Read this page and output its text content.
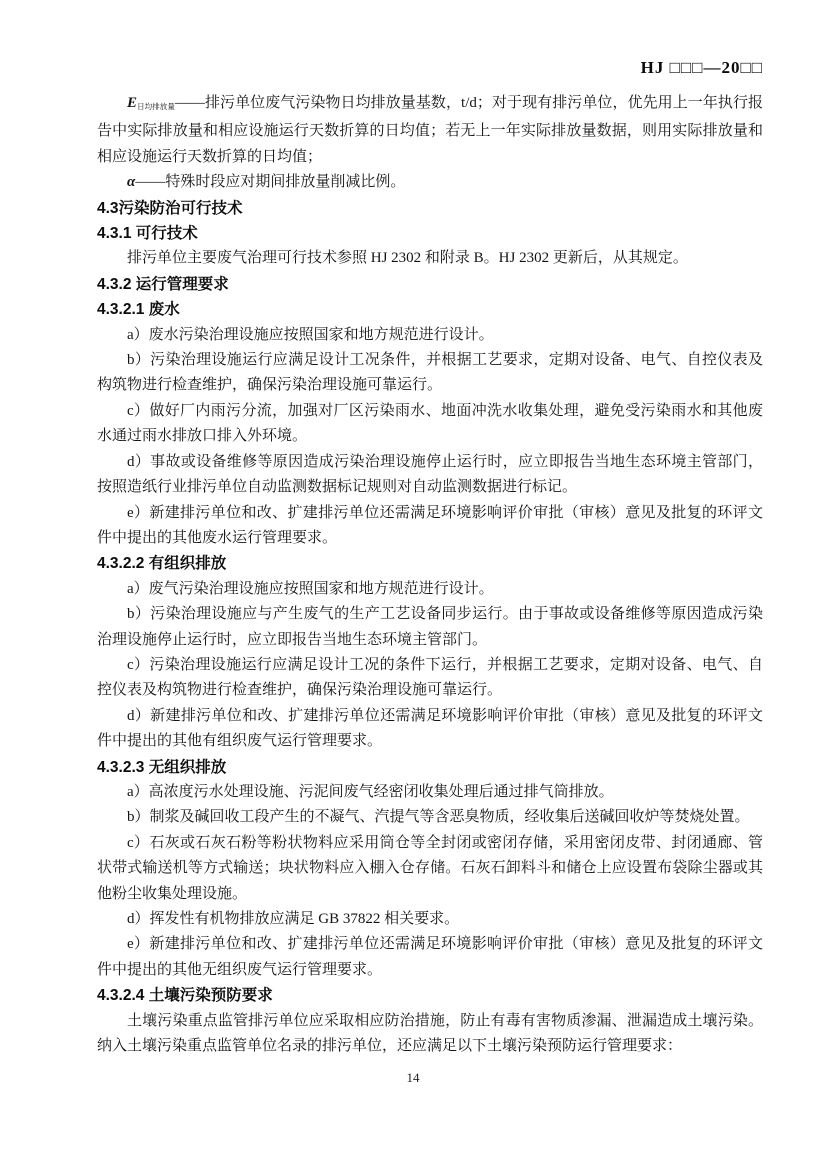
HJ □□□—20□□

$E_{日均排放量}——$排污单位废气污染物日均排放量基数，t/d；对于现有排污单位，优先用上一年执行报告中实际排放量和相应设施运行天数折算的日均值；若无上一年实际排放量数据，则用实际排放量和相应设施运行天数折算的日均值；

α——特殊时段应对期间排放量削减比例。

4.3污染防治可行技术
4.3.1 可行技术

排污单位主要废气治理可行技术参照 HJ 2302 和附录 B。HJ 2302 更新后，从其规定。

4.3.2 运行管理要求
4.3.2.1 废水

a）废水污染治理设施应按照国家和地方规范进行设计。

b）污染治理设施运行应满足设计工况条件，并根据工艺要求，定期对设备、电气、自控仪表及构筑物进行检查维护，确保污染治理设施可靠运行。

c）做好厂内雨污分流，加强对厂区污染雨水、地面冲洗水收集处理，避免受污染雨水和其他废水通过雨水排放口排入外环境。

d）事故或设备维修等原因造成污染治理设施停止运行时，应立即报告当地生态环境主管部门，按照造纸行业排污单位自动监测数据标记规则对自动监测数据进行标记。

e）新建排污单位和改、扩建排污单位还需满足环境影响评价审批（审核）意见及批复的环评文件中提出的其他废水运行管理要求。

4.3.2.2 有组织排放

a）废气污染治理设施应按照国家和地方规范进行设计。

b）污染治理设施应与产生废气的生产工艺设备同步运行。由于事故或设备维修等原因造成污染治理设施停止运行时，应立即报告当地生态环境主管部门。

c）污染治理设施运行应满足设计工况的条件下运行，并根据工艺要求，定期对设备、电气、自控仪表及构筑物进行检查维护，确保污染治理设施可靠运行。

d）新建排污单位和改、扩建排污单位还需满足环境影响评价审批（审核）意见及批复的环评文件中提出的其他有组织废气运行管理要求。

4.3.2.3 无组织排放

a）高浓度污水处理设施、污泥间废气经密闭收集处理后通过排气筒排放。

b）制浆及碱回收工段产生的不凝气、汽提气等含恶臭物质，经收集后送碱回收炉等焚烧处置。

c）石灰或石灰石粉等粉状物料应采用筒仓等全封闭或密闭存储，采用密闭皮带、封闭通廊、管状带式输送机等方式输送；块状物料应入棚入仓存储。石灰石卸料斗和储仓上应设置布袋除尘器或其他粉尘收集处理设施。

d）挥发性有机物排放应满足 GB 37822 相关要求。

e）新建排污单位和改、扩建排污单位还需满足环境影响评价审批（审核）意见及批复的环评文件中提出的其他无组织废气运行管理要求。

4.3.2.4 土壤污染预防要求

土壤污染重点监管排污单位应采取相应防治措施，防止有毒有害物质渗漏、泄漏造成土壤污染。纳入土壤污染重点监管单位名录的排污单位，还应满足以下土壤污染预防运行管理要求：

14
